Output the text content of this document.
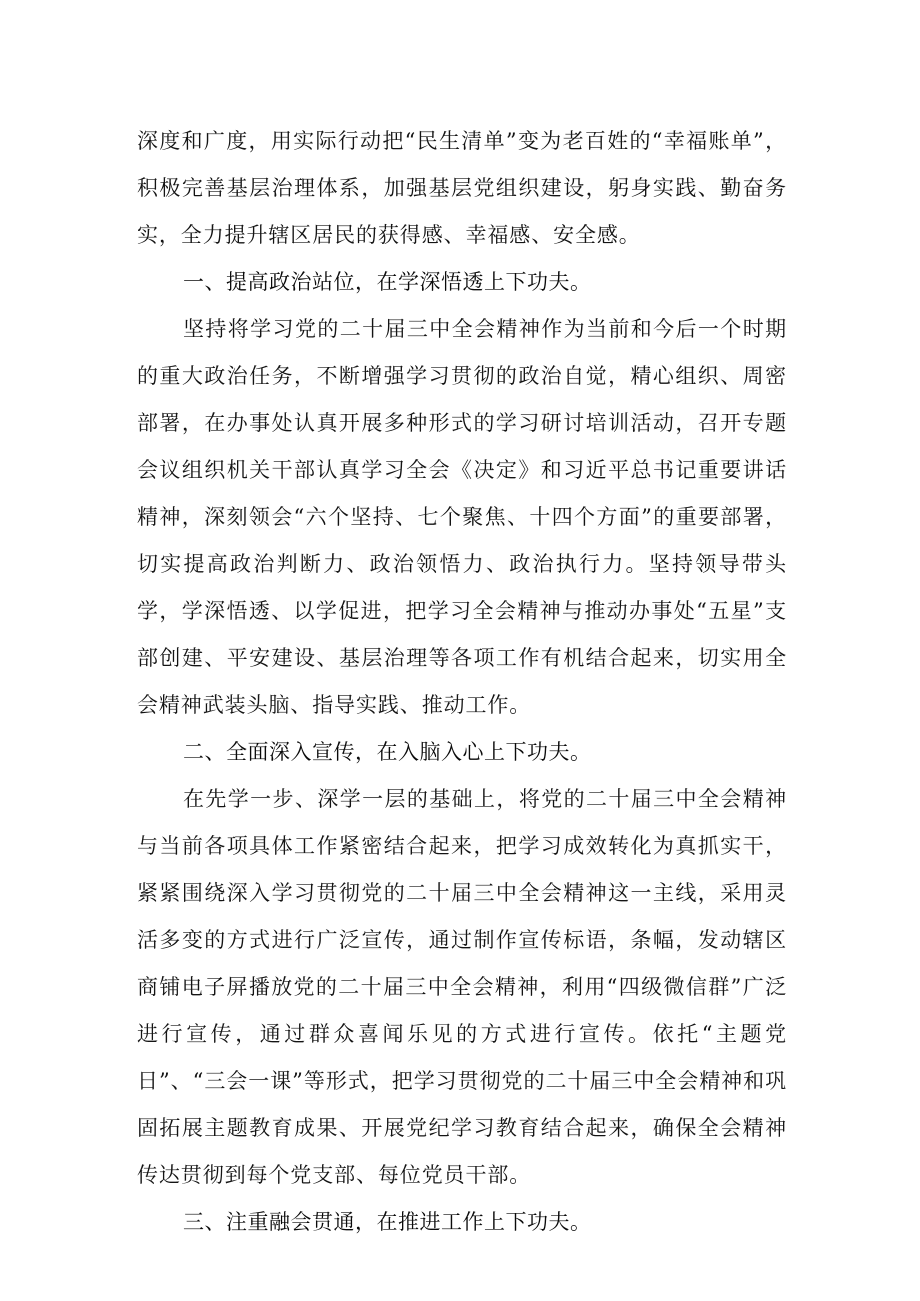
深度和广度，用实际行动把“民生清单”变为老百姓的“幸福账单”，积极完善基层治理体系，加强基层党组织建设，躬身实践、勤奋务实，全力提升辖区居民的获得感、幸福感、安全感。

一、提高政治站位，在学深悟透上下功夫。

坚持将学习党的二十届三中全会精神作为当前和今后一个时期的重大政治任务，不断增强学习贯彻的政治自觉，精心组织、周密部署，在办事处认真开展多种形式的学习研讨培训活动，召开专题会议组织机关干部认真学习全会《决定》和习近平总书记重要讲话精神，深刻领会“六个坚持、七个聚焦、十四个方面”的重要部署，切实提高政治判断力、政治领悟力、政治执行力。坚持领导带头学，学深悟透、以学促进，把学习全会精神与推动办事处“五星”支部创建、平安建设、基层治理等各项工作有机结合起来，切实用全会精神武装头脑、指导实践、推动工作。

二、全面深入宣传，在入脑入心上下功夫。

在先学一步、深学一层的基础上，将党的二十届三中全会精神与当前各项具体工作紧密结合起来，把学习成效转化为真抓实干，紧紧围绕深入学习贯彻党的二十届三中全会精神这一主线，采用灵活多变的方式进行广泛宣传，通过制作宣传标语，条幅，发动辖区商铺电子屏播放党的二十届三中全会精神，利用“四级微信群”广泛进行宣传，通过群众喜闻乐见的方式进行宣传。依托“主题党日”、“三会一课”等形式，把学习贯彻党的二十届三中全会精神和巩固拓展主题教育成果、开展党纪学习教育结合起来，确保全会精神传达贯彻到每个党支部、每位党员干部。

三、注重融会贯通，在推进工作上下功夫。
